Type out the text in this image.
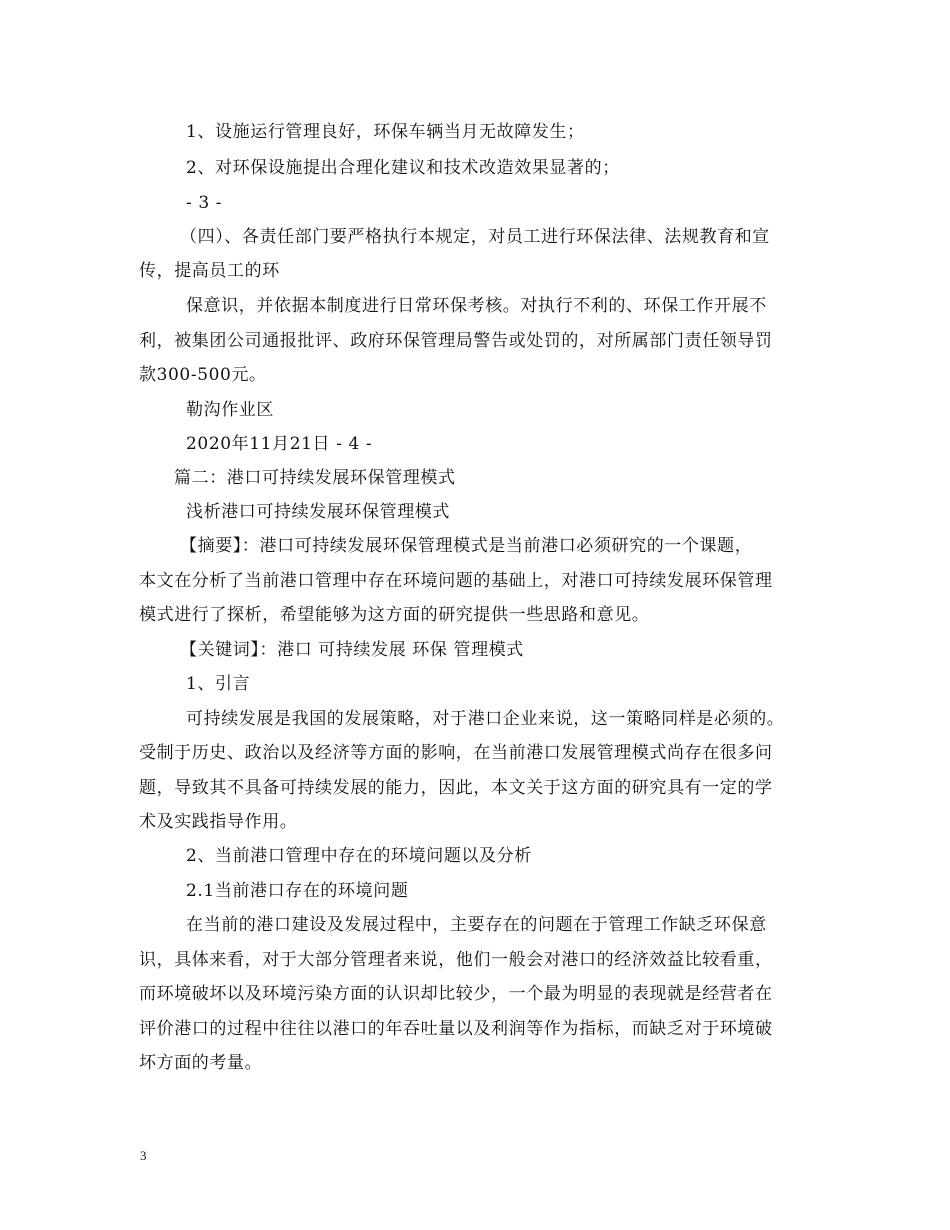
1、设施运行管理良好，环保车辆当月无故障发生；
2、对环保设施提出合理化建议和技术改造效果显著的；
- 3 -
（四）、各责任部门要严格执行本规定，对员工进行环保法律、法规教育和宣
传，提高员工的环
保意识，并依据本制度进行日常环保考核。对执行不利的、环保工作开展不
利，被集团公司通报批评、政府环保管理局警告或处罚的，对所属部门责任领导罚
款300-500元。
勒沟作业区
2020年11月21日 - 4 -
篇二：港口可持续发展环保管理模式
浅析港口可持续发展环保管理模式
【摘要】：港口可持续发展环保管理模式是当前港口必须研究的一个课题，
本文在分析了当前港口管理中存在环境问题的基础上，对港口可持续发展环保管理
模式进行了探析，希望能够为这方面的研究提供一些思路和意见。
【关键词】：港口 可持续发展 环保 管理模式
1、引言
可持续发展是我国的发展策略，对于港口企业来说，这一策略同样是必须的。
受制于历史、政治以及经济等方面的影响，在当前港口发展管理模式尚存在很多问
题，导致其不具备可持续发展的能力，因此，本文关于这方面的研究具有一定的学
术及实践指导作用。
2、当前港口管理中存在的环境问题以及分析
2.1当前港口存在的环境问题
在当前的港口建设及发展过程中，主要存在的问题在于管理工作缺乏环保意
识，具体来看，对于大部分管理者来说，他们一般会对港口的经济效益比较看重，
而环境破坏以及环境污染方面的认识却比较少，一个最为明显的表现就是经营者在
评价港口的过程中往往以港口的年吞吐量以及利润等作为指标，而缺乏对于环境破
坏方面的考量。
3
